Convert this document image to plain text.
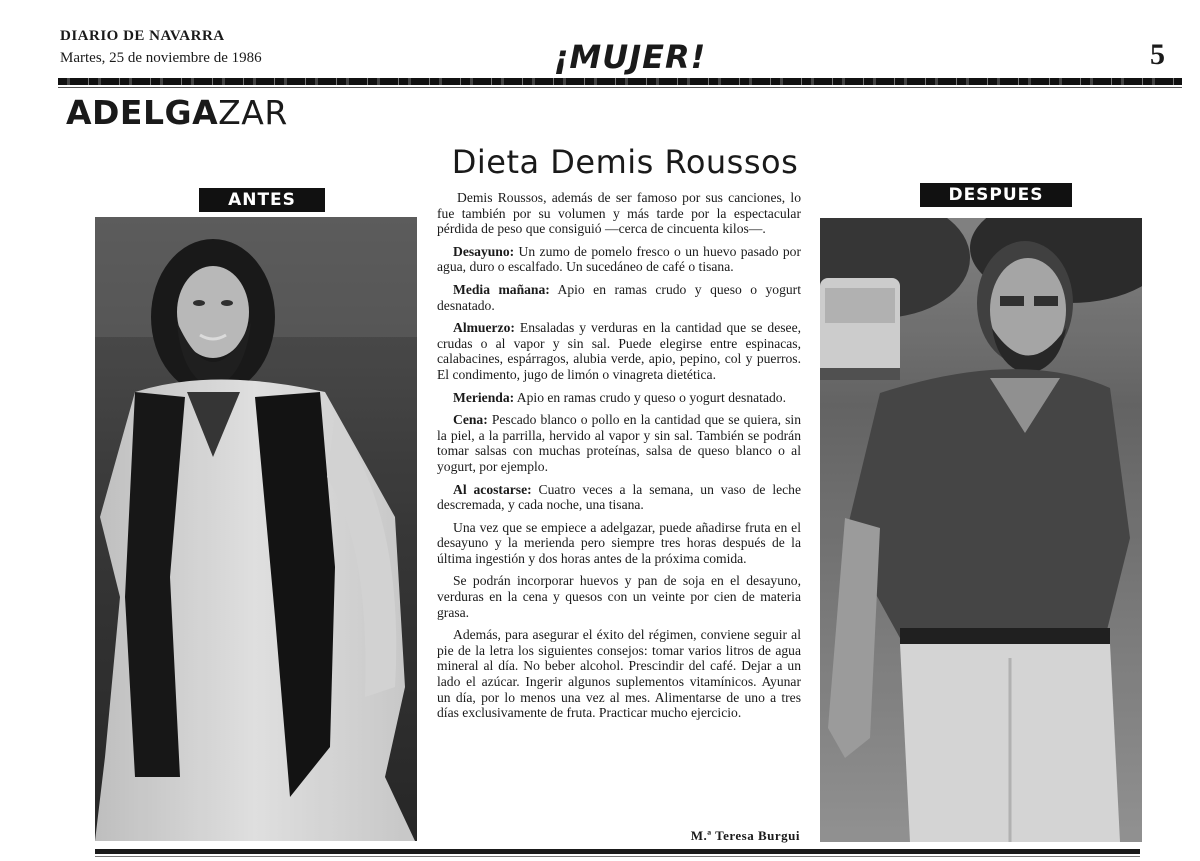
DIARIO DE NAVARRA
Martes, 25 de noviembre de 1986	¡MUJER!	5
ADELGAZAR
Dieta Demis Roussos
ANTES	DESPUES

Demis Roussos, además de ser famoso por sus canciones, lo fue también por su volumen y más tarde por la espectacular pérdida de peso que consiguió —cerca de cincuenta kilos—.

Desayuno: Un zumo de pomelo fresco o un huevo pasado por agua, duro o escalfado. Un sucedáneo de café o tisana.

Media mañana: Apio en ramas crudo y queso o yogurt desnatado.

Almuerzo: Ensaladas y verduras en la cantidad que se desee, crudas o al vapor y sin sal. Puede elegirse entre espinacas, calabacines, espárragos, alubia verde, apio, pepino, col y puerros. El condimento, jugo de limón o vinagreta dietética.

Merienda: Apio en ramas crudo y queso o yogurt desnatado.

Cena: Pescado blanco o pollo en la cantidad que se quiera, sin la piel, a la parrilla, hervido al vapor y sin sal. También se podrán tomar salsas con muchas proteínas, salsa de queso blanco o al yogurt, por ejemplo.

Al acostarse: Cuatro veces a la semana, un vaso de leche descremada, y cada noche, una tisana.

Una vez que se empiece a adelgazar, puede añadirse fruta en el desayuno y la merienda pero siempre tres horas después de la última ingestión y dos horas antes de la próxima comida.

Se podrán incorporar huevos y pan de soja en el desayuno, verduras en la cena y quesos con un veinte por cien de materia grasa.

Además, para asegurar el éxito del régimen, conviene seguir al pie de la letra los siguientes consejos: tomar varios litros de agua mineral al día. No beber alcohol. Prescindir del café. Dejar a un lado el azúcar. Ingerir algunos suplementos vitamínicos. Ayunar un día, por lo menos una vez al mes. Alimentarse de uno a tres días exclusivamente de fruta. Practicar mucho ejercicio.

M.ª Teresa Burgui
